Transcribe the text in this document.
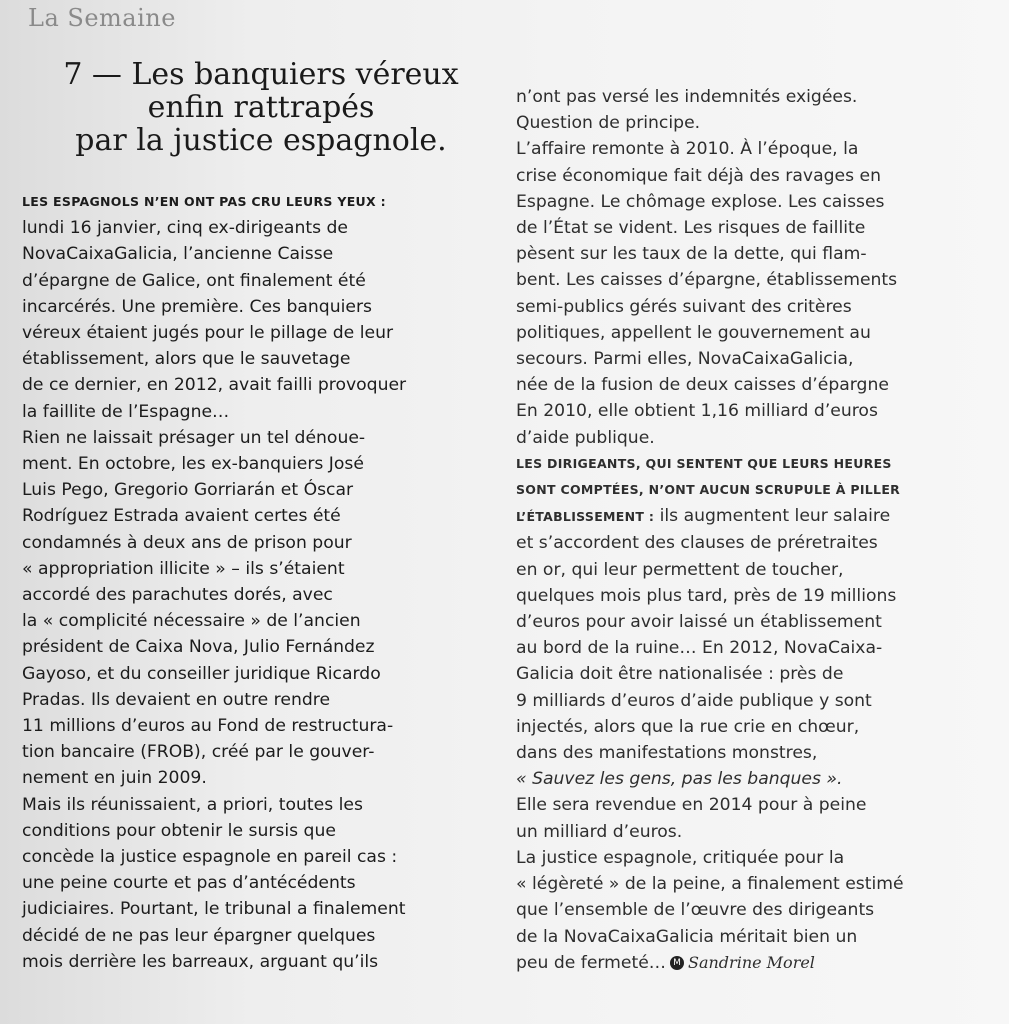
La Semaine
7 — Les banquiers véreux
enfin rattrapés
par la justice espagnole.
LES ESPAGNOLS N’EN ONT PAS CRU LEURS YEUX :
lundi 16 janvier, cinq ex-dirigeants de
NovaCaixaGalicia, l’ancienne Caisse
d’épargne de Galice, ont finalement été
incarcérés. Une première. Ces banquiers
véreux étaient jugés pour le pillage de leur
établissement, alors que le sauvetage
de ce dernier, en 2012, avait failli provoquer
la faillite de l’Espagne…
Rien ne laissait présager un tel dénoue-
ment. En octobre, les ex-banquiers José
Luis Pego, Gregorio Gorriarán et Óscar
Rodríguez Estrada avaient certes été
condamnés à deux ans de prison pour
« appropriation illicite » – ils s’étaient
accordé des parachutes dorés, avec
la « complicité nécessaire » de l’ancien
président de Caixa Nova, Julio Fernández
Gayoso, et du conseiller juridique Ricardo
Pradas. Ils devaient en outre rendre
11 millions d’euros au Fond de restructura-
tion bancaire (FROB), créé par le gouver-
nement en juin 2009.
Mais ils réunissaient, a priori, toutes les
conditions pour obtenir le sursis que
concède la justice espagnole en pareil cas :
une peine courte et pas d’antécédents
judiciaires. Pourtant, le tribunal a finalement
décidé de ne pas leur épargner quelques
mois derrière les barreaux, arguant qu’ils
n’ont pas versé les indemnités exigées.
Question de principe.
L’affaire remonte à 2010. À l’époque, la
crise économique fait déjà des ravages en
Espagne. Le chômage explose. Les caisses
de l’État se vident. Les risques de faillite
pèsent sur les taux de la dette, qui flam-
bent. Les caisses d’épargne, établissements
semi-publics gérés suivant des critères
politiques, appellent le gouvernement au
secours. Parmi elles, NovaCaixaGalicia,
née de la fusion de deux caisses d’épargne
En 2010, elle obtient 1,16 milliard d’euros
d’aide publique.
LES DIRIGEANTS, QUI SENTENT QUE LEURS HEURES
SONT COMPTÉES, N’ONT AUCUN SCRUPULE À PILLER
L’ÉTABLISSEMENT : ils augmentent leur salaire
et s’accordent des clauses de préretraites
en or, qui leur permettent de toucher,
quelques mois plus tard, près de 19 millions
d’euros pour avoir laissé un établissement
au bord de la ruine… En 2012, NovaCaixa-
Galicia doit être nationalisée : près de
9 milliards d’euros d’aide publique y sont
injectés, alors que la rue crie en chœur,
dans des manifestations monstres,
« Sauvez les gens, pas les banques ».
Elle sera revendue en 2014 pour à peine
un milliard d’euros.
La justice espagnole, critiquée pour la
« légèreté » de la peine, a finalement estimé
que l’ensemble de l’œuvre des dirigeants
de la NovaCaixaGalicia méritait bien un
peu de fermeté… M Sandrine Morel
